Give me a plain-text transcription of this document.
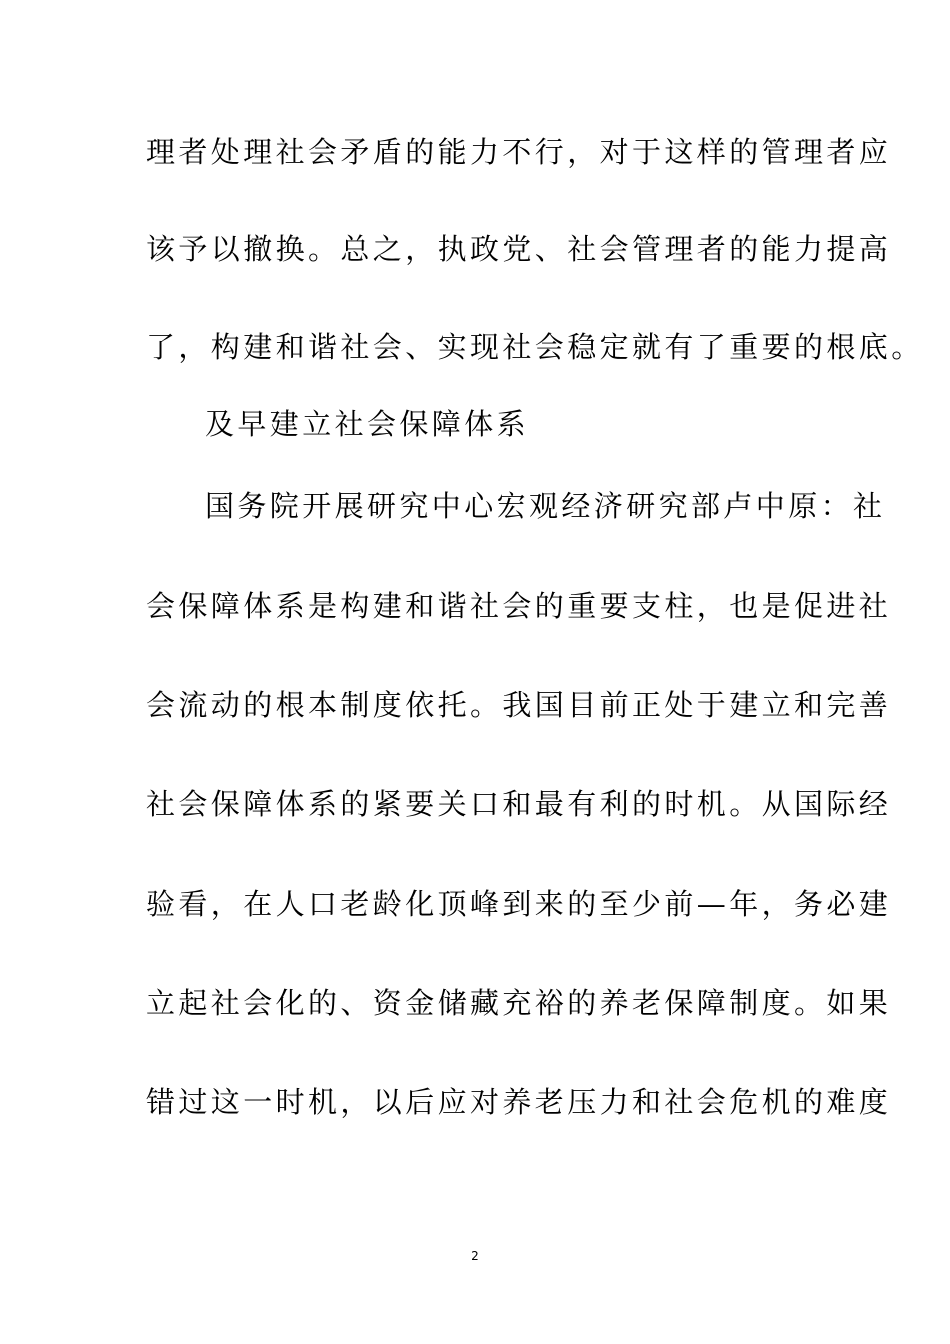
理者处理社会矛盾的能力不行，对于这样的管理者应
该予以撤换。总之，执政党、社会管理者的能力提高
了，构建和谐社会、实现社会稳定就有了重要的根底。
及早建立社会保障体系
国务院开展研究中心宏观经济研究部卢中原：社
会保障体系是构建和谐社会的重要支柱，也是促进社
会流动的根本制度依托。我国目前正处于建立和完善
社会保障体系的紧要关口和最有利的时机。从国际经
验看，在人口老龄化顶峰到来的至少前—年，务必建
立起社会化的、资金储藏充裕的养老保障制度。如果
错过这一时机，以后应对养老压力和社会危机的难度
2
